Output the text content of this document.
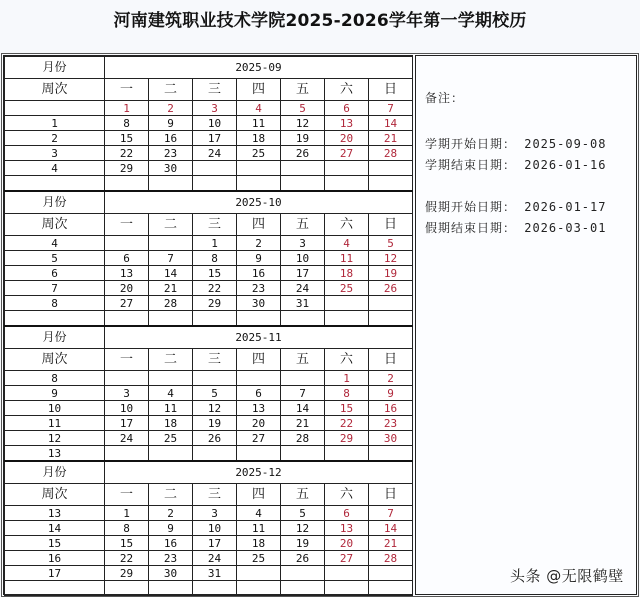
河南建筑职业技术学院2025-2026学年第一学期校历
月份	2025-09						
周次	一	二	三	四	五	六	日
	1	2	3	4	5	6	7
1	8	9	10	11	12	13	14
2	15	16	17	18	19	20	21
3	22	23	24	25	26	27	28
4	29	30					

月份	2025-10						
周次	一	二	三	四	五	六	日
4			1	2	3	4	5
5	6	7	8	9	10	11	12
6	13	14	15	16	17	18	19
7	20	21	22	23	24	25	26
8	27	28	29	30	31		

月份	2025-11						
周次	一	二	三	四	五	六	日
8						1	2
9	3	4	5	6	7	8	9
10	10	11	12	13	14	15	16
11	17	18	19	20	21	22	23
12	24	25	26	27	28	29	30
13							
月份	2025-12						
周次	一	二	三	四	五	六	日
13	1	2	3	4	5	6	7
14	8	9	10	11	12	13	14
15	15	16	17	18	19	20	21
16	22	23	24	25	26	27	28
17	29	30	31				

备注：
学期开始日期： 2025-09-08
学期结束日期： 2026-01-16
假期开始日期： 2026-01-17
假期结束日期： 2026-03-01
头条 @无限鹤壁
